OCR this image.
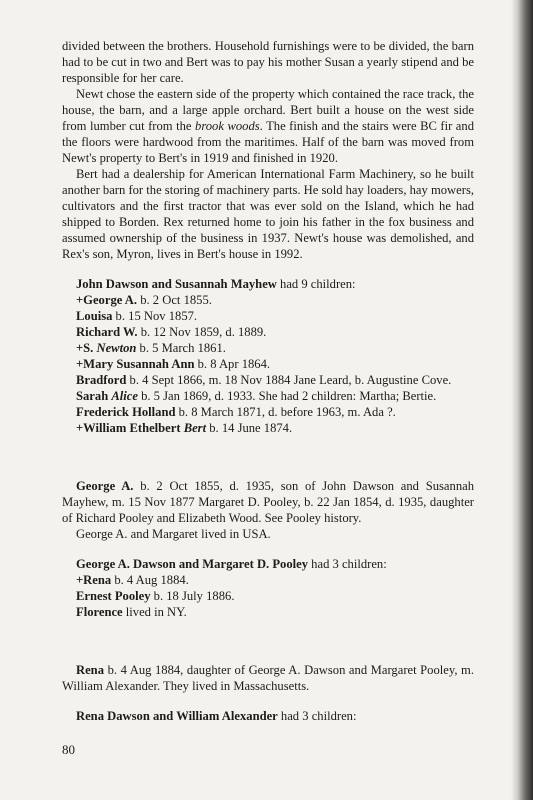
divided between the brothers. Household furnishings were to be divided, the barn had to be cut in two and Bert was to pay his mother Susan a yearly stipend and be responsible for her care.

Newt chose the eastern side of the property which contained the race track, the house, the barn, and a large apple orchard. Bert built a house on the west side from lumber cut from the brook woods. The finish and the stairs were BC fir and the floors were hardwood from the maritimes. Half of the barn was moved from Newt's property to Bert's in 1919 and finished in 1920.

Bert had a dealership for American International Farm Machinery, so he built another barn for the storing of machinery parts. He sold hay loaders, hay mowers, cultivators and the first tractor that was ever sold on the Island, which he had shipped to Borden. Rex returned home to join his father in the fox business and assumed ownership of the business in 1937. Newt's house was demolished, and Rex's son, Myron, lives in Bert's house in 1992.

John Dawson and Susannah Mayhew had 9 children:

+George A. b. 2 Oct 1855.
Louisa b. 15 Nov 1857.
Richard W. b. 12 Nov 1859, d. 1889.
+S. Newton b. 5 March 1861.
+Mary Susannah Ann b. 8 Apr 1864.
Bradford b. 4 Sept 1866, m. 18 Nov 1884 Jane Leard, b. Augustine Cove.
Sarah Alice b. 5 Jan 1869, d. 1933. She had 2 children: Martha; Bertie.
Frederick Holland b. 8 March 1871, d. before 1963, m. Ada ?.
+William Ethelbert Bert b. 14 June 1874.

George A. b. 2 Oct 1855, d. 1935, son of John Dawson and Susannah Mayhew, m. 15 Nov 1877 Margaret D. Pooley, b. 22 Jan 1854, d. 1935, daughter of Richard Pooley and Elizabeth Wood. See Pooley history.

George A. and Margaret lived in USA.

George A. Dawson and Margaret D. Pooley had 3 children:

+Rena b. 4 Aug 1884.
Ernest Pooley b. 18 July 1886.
Florence lived in NY.

Rena b. 4 Aug 1884, daughter of George A. Dawson and Margaret Pooley, m. William Alexander. They lived in Massachusetts.

Rena Dawson and William Alexander had 3 children:

80
